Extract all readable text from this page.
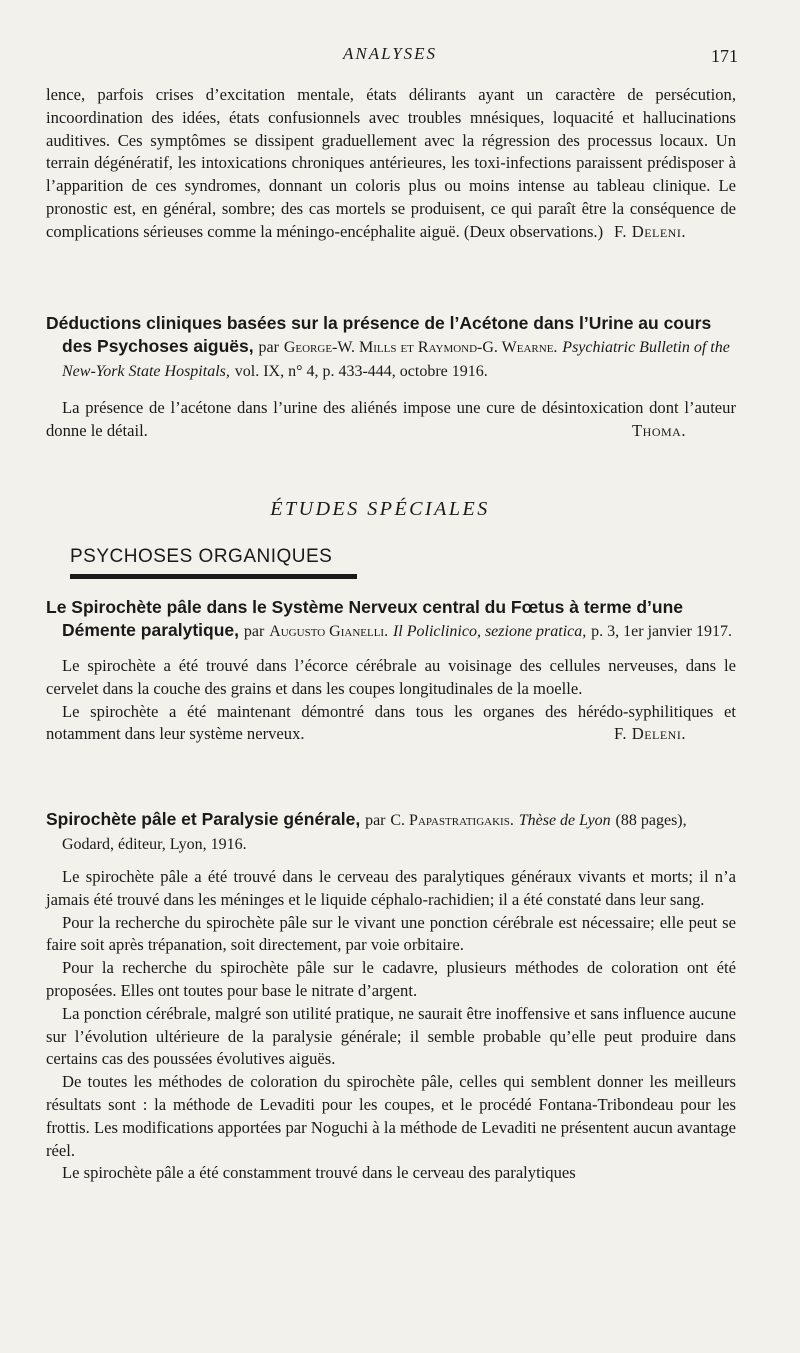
ANALYSES	171

lence, parfois crises d’excitation mentale, états délirants ayant un caractère de persécution, incoordination des idées, états confusionnels avec troubles mnésiques, loquacité et hallucinations auditives. Ces symptômes se dissipent graduellement avec la régression des processus locaux. Un terrain dégénératif, les intoxications chroniques antérieures, les toxi-infections paraissent prédisposer à l’apparition de ces syndromes, donnant un coloris plus ou moins intense au tableau clinique. Le pronostic est, en général, sombre; des cas mortels se produisent, ce qui paraît être la conséquence de complications sérieuses comme la méningo-encéphalite aiguë. (Deux observations.) F. Deleni.

Déductions cliniques basées sur la présence de l’Acétone dans l’Urine au cours des Psychoses aiguës, par George-W. Mills et Raymond-G. Wearne. Psychiatric Bulletin of the New-York State Hospitals, vol. IX, n° 4, p. 433-444, octobre 1916.

La présence de l’acétone dans l’urine des aliénés impose une cure de désintoxication dont l’auteur donne le détail.	Thoma.

ÉTUDES SPÉCIALES
PSYCHOSES ORGANIQUES
Le Spirochète pâle dans le Système Nerveux central du Fœtus à terme d’une Démente paralytique, par Augusto Gianelli. Il Policlinico, sezione pratica, p. 3, 1er janvier 1917.

Le spirochète a été trouvé dans l’écorce cérébrale au voisinage des cellules nerveuses, dans le cervelet dans la couche des grains et dans les coupes longitudinales de la moelle.

Le spirochète a été maintenant démontré dans tous les organes des hérédo-syphilitiques et notamment dans leur système nerveux.	F. Deleni.

Spirochète pâle et Paralysie générale, par C. Papastratigakis. Thèse de Lyon (88 pages), Godard, éditeur, Lyon, 1916.

Le spirochète pâle a été trouvé dans le cerveau des paralytiques généraux vivants et morts; il n’a jamais été trouvé dans les méninges et le liquide céphalo-rachidien; il a été constaté dans leur sang.

Pour la recherche du spirochète pâle sur le vivant une ponction cérébrale est nécessaire; elle peut se faire soit après trépanation, soit directement, par voie orbitaire.

Pour la recherche du spirochète pâle sur le cadavre, plusieurs méthodes de coloration ont été proposées. Elles ont toutes pour base le nitrate d’argent.

La ponction cérébrale, malgré son utilité pratique, ne saurait être inoffensive et sans influence aucune sur l’évolution ultérieure de la paralysie générale; il semble probable qu’elle peut produire dans certains cas des poussées évolutives aiguës.

De toutes les méthodes de coloration du spirochète pâle, celles qui semblent donner les meilleurs résultats sont : la méthode de Levaditi pour les coupes, et le procédé Fontana-Tribondeau pour les frottis. Les modifications apportées par Noguchi à la méthode de Levaditi ne présentent aucun avantage réel.

Le spirochète pâle a été constamment trouvé dans le cerveau des paralytiques
